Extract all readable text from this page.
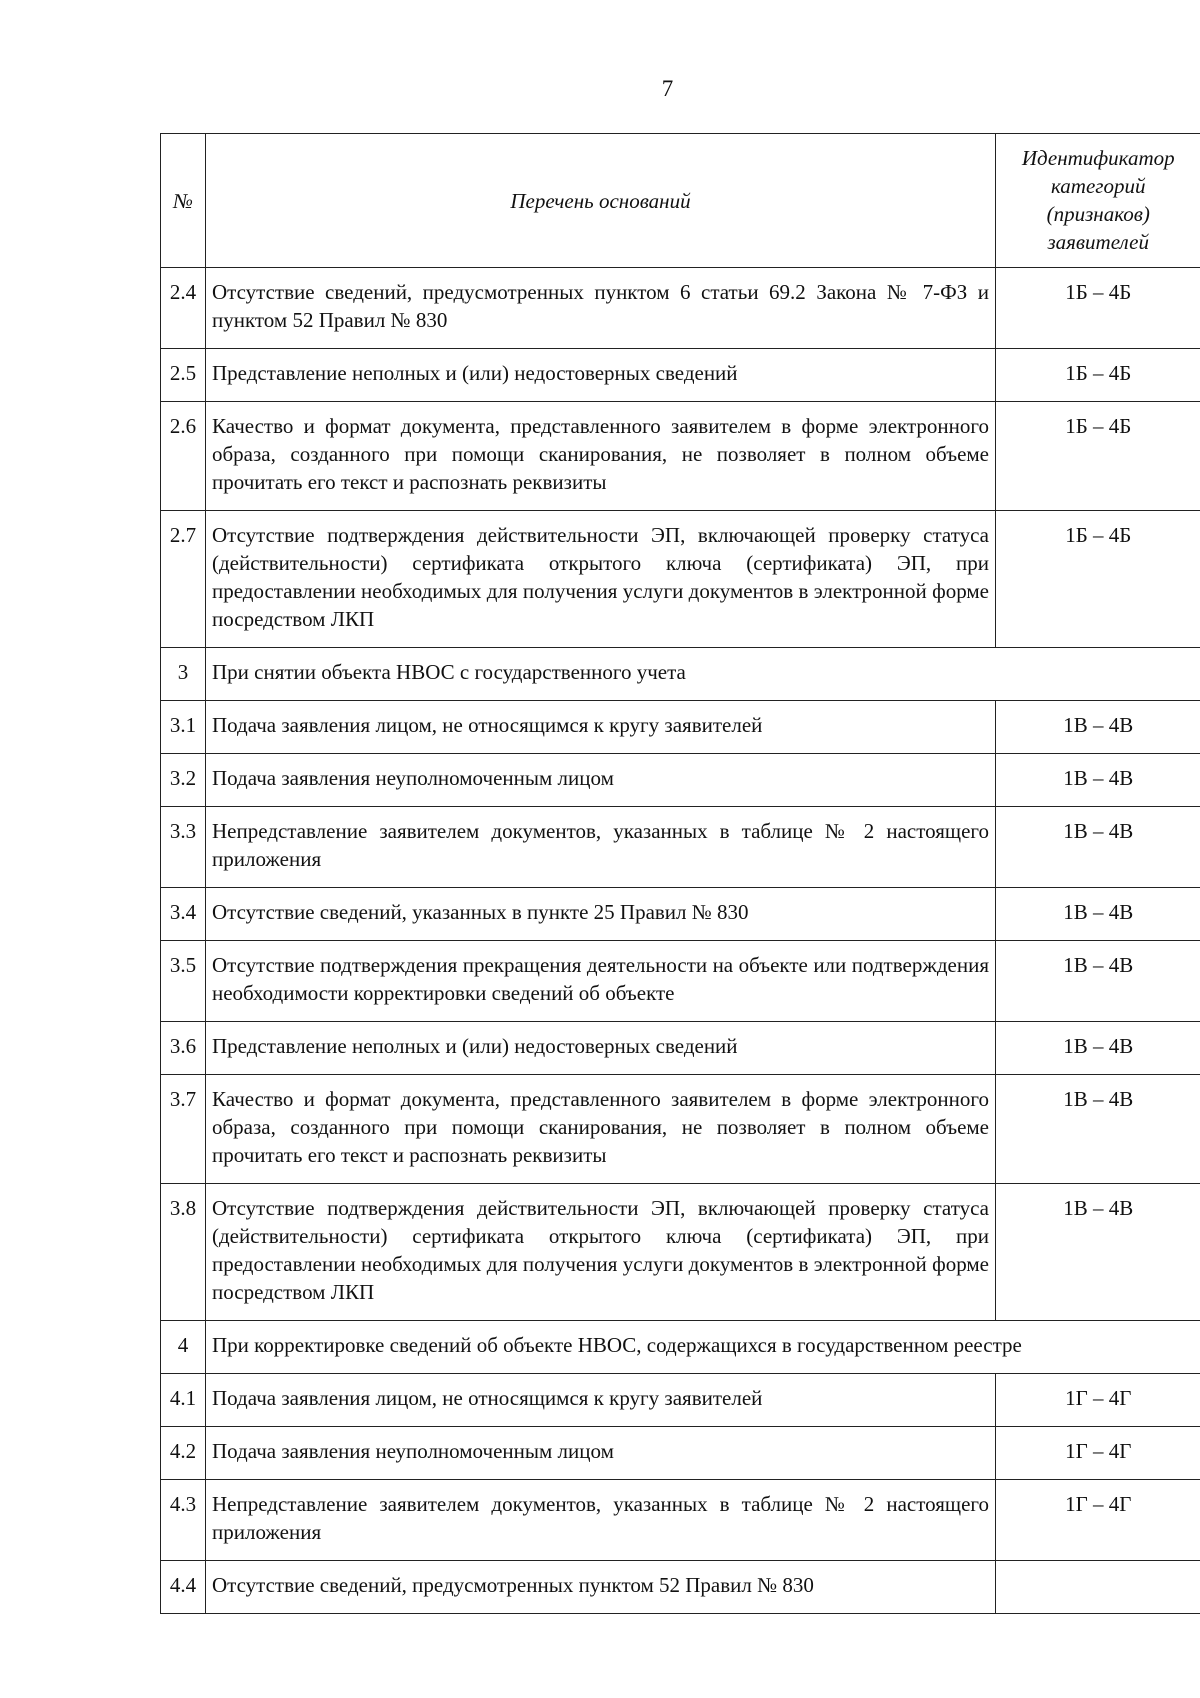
7
№	Перечень оснований	Идентификатор
категорий
(признаков)
заявителей

2.4	Отсутствие сведений, предусмотренных пунктом 6 статьи 69.2 Закона № 7-ФЗ и пунктом 52 Правил № 830	1Б – 4Б
2.5	Представление неполных и (или) недостоверных сведений	1Б – 4Б
2.6	Качество и формат документа, представленного заявителем в форме электронного образа, созданного при помощи сканирования, не позволяет в полном объеме прочитать его текст и распознать реквизиты	1Б – 4Б
2.7	Отсутствие подтверждения действительности ЭП, включающей проверку статуса (действительности) сертификата открытого ключа (сертификата) ЭП, при предоставлении необходимых для получения услуги документов в электронной форме посредством ЛКП	1Б – 4Б
3	При снятии объекта НВОС с государственного учета	
3.1	Подача заявления лицом, не относящимся к кругу заявителей	1В – 4В
3.2	Подача заявления неуполномоченным лицом	1В – 4В
3.3	Непредставление заявителем документов, указанных в таблице № 2 настоящего приложения	1В – 4В
3.4	Отсутствие сведений, указанных в пункте 25 Правил № 830	1В – 4В
3.5	Отсутствие подтверждения прекращения деятельности на объекте или подтверждения необходимости корректировки сведений об объекте	1В – 4В
3.6	Представление неполных и (или) недостоверных сведений	1В – 4В
3.7	Качество и формат документа, представленного заявителем в форме электронного образа, созданного при помощи сканирования, не позволяет в полном объеме прочитать его текст и распознать реквизиты	1В – 4В
3.8	Отсутствие подтверждения действительности ЭП, включающей проверку статуса (действительности) сертификата открытого ключа (сертификата) ЭП, при предоставлении необходимых для получения услуги документов в электронной форме посредством ЛКП	1В – 4В
4	При корректировке сведений об объекте НВОС, содержащихся в государственном реестре	
4.1	Подача заявления лицом, не относящимся к кругу заявителей	1Г – 4Г
4.2	Подача заявления неуполномоченным лицом	1Г – 4Г
4.3	Непредставление заявителем документов, указанных в таблице № 2 настоящего приложения	1Г – 4Г
4.4	Отсутствие сведений, предусмотренных пунктом 52 Правил № 830	
